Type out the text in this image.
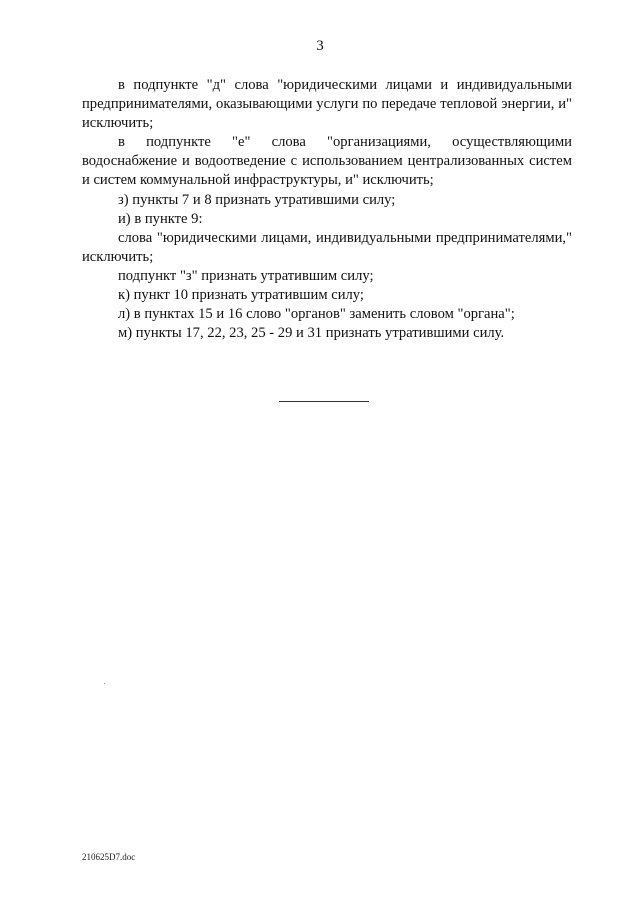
3

в подпункте "д" слова "юридическими лицами и индивидуальными предпринимателями, оказывающими услуги по передаче тепловой энергии, и" исключить;

в подпункте "е" слова "организациями, осуществляющими водоснабжение и водоотведение с использованием централизованных систем и систем коммунальной инфраструктуры, и" исключить;

з) пункты 7 и 8 признать утратившими силу;

и) в пункте 9:

слова "юридическими лицами, индивидуальными предпринимателями," исключить;

подпункт "з" признать утратившим силу;

к) пункт 10 признать утратившим силу;

л) в пунктах 15 и 16 слово "органов" заменить словом "органа";

м) пункты 17, 22, 23, 25 - 29 и 31 признать утратившими силу.

210625D7.doc
